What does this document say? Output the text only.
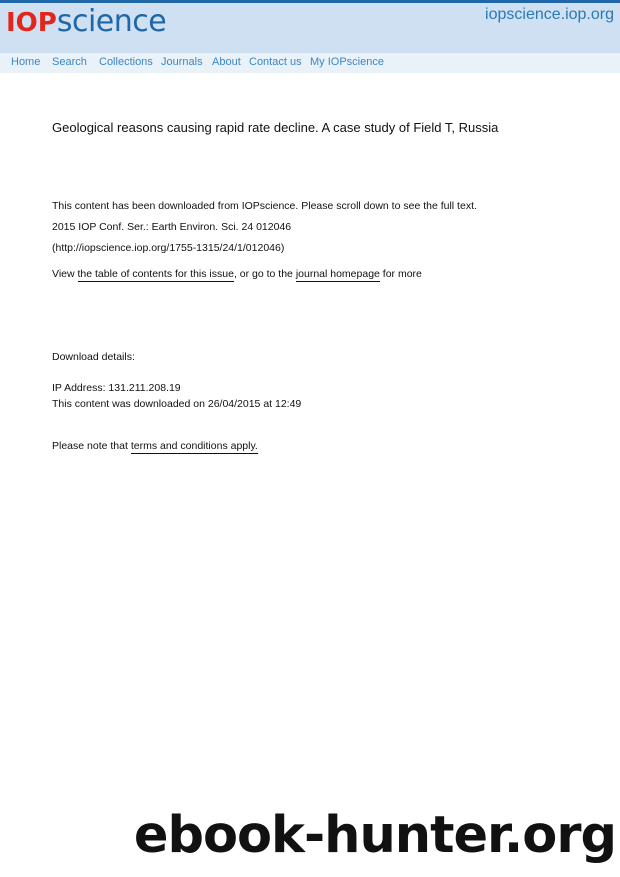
IOP science	iopscience.iop.org
Home Search Collections Journals About Contact us My IOPscience
Geological reasons causing rapid rate decline. A case study of Field T, Russia
This content has been downloaded from IOPscience. Please scroll down to see the full text.
2015 IOP Conf. Ser.: Earth Environ. Sci. 24 012046
(http://iopscience.iop.org/1755-1315/24/1/012046)
View the table of contents for this issue, or go to the journal homepage for more
Download details:
IP Address: 131.211.208.19
This content was downloaded on 26/04/2015 at 12:49
Please note that terms and conditions apply.
ebook-hunter.org
